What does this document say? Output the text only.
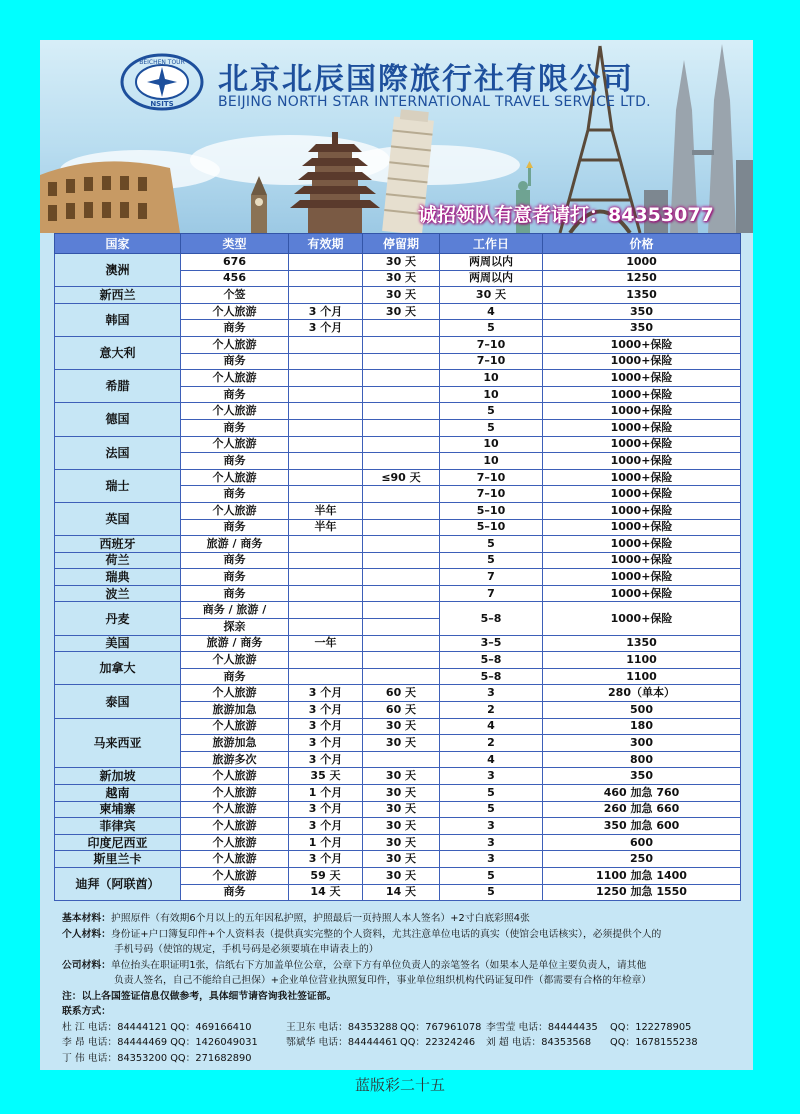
BEICHEN TOUR
NSITS
北京北辰国際旅行社有限公司
BEIJING NORTH STAR INTERNATIONAL TRAVEL SERVICE LTD.
诚招领队有意者请打：84353077
国家	类型	有效期	停留期	工作日	价格
澳洲	676		30 天	两周以内	1000
	456		30 天	两周以内	1250
新西兰	个签		30 天	30 天	1350
韩国	个人旅游	3 个月	30 天	4	350
	商务	3 个月		5	350
意大利	个人旅游			7–10	1000+保险
	商务			7–10	1000+保险
希腊	个人旅游			10	1000+保险
	商务			10	1000+保险
德国	个人旅游			5	1000+保险
	商务			5	1000+保险
法国	个人旅游			10	1000+保险
	商务			10	1000+保险
瑞士	个人旅游		≤90 天	7–10	1000+保险
	商务			7–10	1000+保险
英国	个人旅游	半年		5–10	1000+保险
	商务	半年		5–10	1000+保险
西班牙	旅游 / 商务			5	1000+保险
荷兰	商务			5	1000+保险
瑞典	商务			7	1000+保险
波兰	商务			7	1000+保险
丹麦	商务 / 旅游 /			5–8	1000+保险
	探亲				
美国	旅游 / 商务	一年		3–5	1350
加拿大	个人旅游			5–8	1100
	商务			5–8	1100
泰国	个人旅游	3 个月	60 天	3	280（单本）
	旅游加急	3 个月	60 天	2	500
马来西亚	个人旅游	3 个月	30 天	4	180
	旅游加急	3 个月	30 天	2	300
	旅游多次	3 个月		4	800
新加坡	个人旅游	35 天	30 天	3	350
越南	个人旅游	1 个月	30 天	5	460 加急 760
柬埔寨	个人旅游	3 个月	30 天	5	260 加急 660
菲律宾	个人旅游	3 个月	30 天	3	350 加急 600
印度尼西亚	个人旅游	1 个月	30 天	3	600
斯里兰卡	个人旅游	3 个月	30 天	3	250
迪拜（阿联酋）	个人旅游	59 天	30 天	5	1100 加急 1400
	商务	14 天	14 天	5	1250 加急 1550
基本材料：护照原件（有效期6个月以上的五年因私护照，护照最后一页持照人本人签名）+2寸白底彩照4张
个人材料：身份证+户口簿复印件+个人资料表（提供真实完整的个人资料，尤其注意单位电话的真实（使馆会电话核实），必须提供个人的
手机号码（使馆的规定，手机号码是必须要填在申请表上的）
公司材料：单位抬头在职证明1张，信纸右下方加盖单位公章，公章下方有单位负责人的亲笔签名（如果本人是单位主要负责人，请其他
负责人签名，自己不能给自己担保）+企业单位营业执照复印件，事业单位组织机构代码证复印件（都需要有合格的年检章）
注：以上各国签证信息仅做参考，具体细节请咨询我社签证部。
联系方式：
杜 江 电话：84444121 QQ：469166410	王卫东 电话：84353288 QQ：767961078 李雪莹 电话：84444435	QQ：122278905
李 昂 电话：84444469 QQ：1426049031	鄂斌华 电话：84444461 QQ：22324246	刘 超 电话：84353568	QQ：1678155238
丁 伟 电话：84353200 QQ：271682890
蓝版彩二十五
